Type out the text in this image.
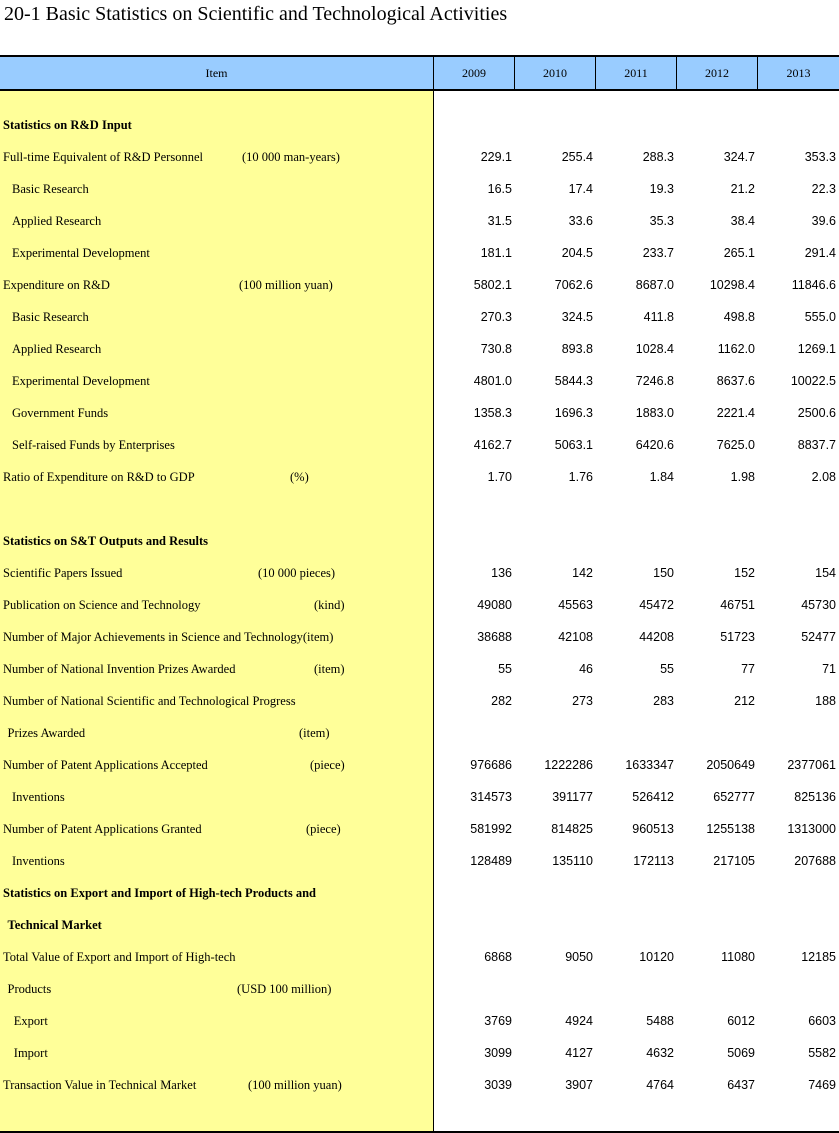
20-1 Basic Statistics on Scientific and Technological Activities
Item	2009	2010	2011	2012	2013
Statistics on R&D Input
Full-time Equivalent of R&D Personnel	(10 000 man-years)	229.1	255.4	288.3	324.7	353.3
Basic Research	16.5	17.4	19.3	21.2	22.3
Applied Research	31.5	33.6	35.3	38.4	39.6
Experimental Development	181.1	204.5	233.7	265.1	291.4
Expenditure on R&D	(100 million yuan)	5802.1	7062.6	8687.0	10298.4	11846.6
Basic Research	270.3	324.5	411.8	498.8	555.0
Applied Research	730.8	893.8	1028.4	1162.0	1269.1
Experimental Development	4801.0	5844.3	7246.8	8637.6	10022.5
Government Funds	1358.3	1696.3	1883.0	2221.4	2500.6
Self-raised Funds by Enterprises	4162.7	5063.1	6420.6	7625.0	8837.7
Ratio of Expenditure on R&D to GDP	(%)	1.70	1.76	1.84	1.98	2.08
Statistics on S&T Outputs and Results
Scientific Papers Issued	(10 000 pieces)	136	142	150	152	154
Publication on Science and Technology	(kind)	49080	45563	45472	46751	45730
Number of Major Achievements in Science and Technology(item)	38688	42108	44208	51723	52477
Number of National Invention Prizes Awarded	(item)	55	46	55	77	71
Number of National Scientific and Technological Progress	282	273	283	212	188
Prizes Awarded	(item)
Number of Patent Applications Accepted	(piece)	976686	1222286	1633347	2050649	2377061
Inventions	314573	391177	526412	652777	825136
Number of Patent Applications Granted	(piece)	581992	814825	960513	1255138	1313000
Inventions	128489	135110	172113	217105	207688
Statistics on Export and Import of High-tech Products and
Technical Market
Total Value of Export and Import of High-tech	6868	9050	10120	11080	12185
Products	(USD 100 million)
Export	3769	4924	5488	6012	6603
Import	3099	4127	4632	5069	5582
Transaction Value in Technical Market	(100 million yuan)	3039	3907	4764	6437	7469
